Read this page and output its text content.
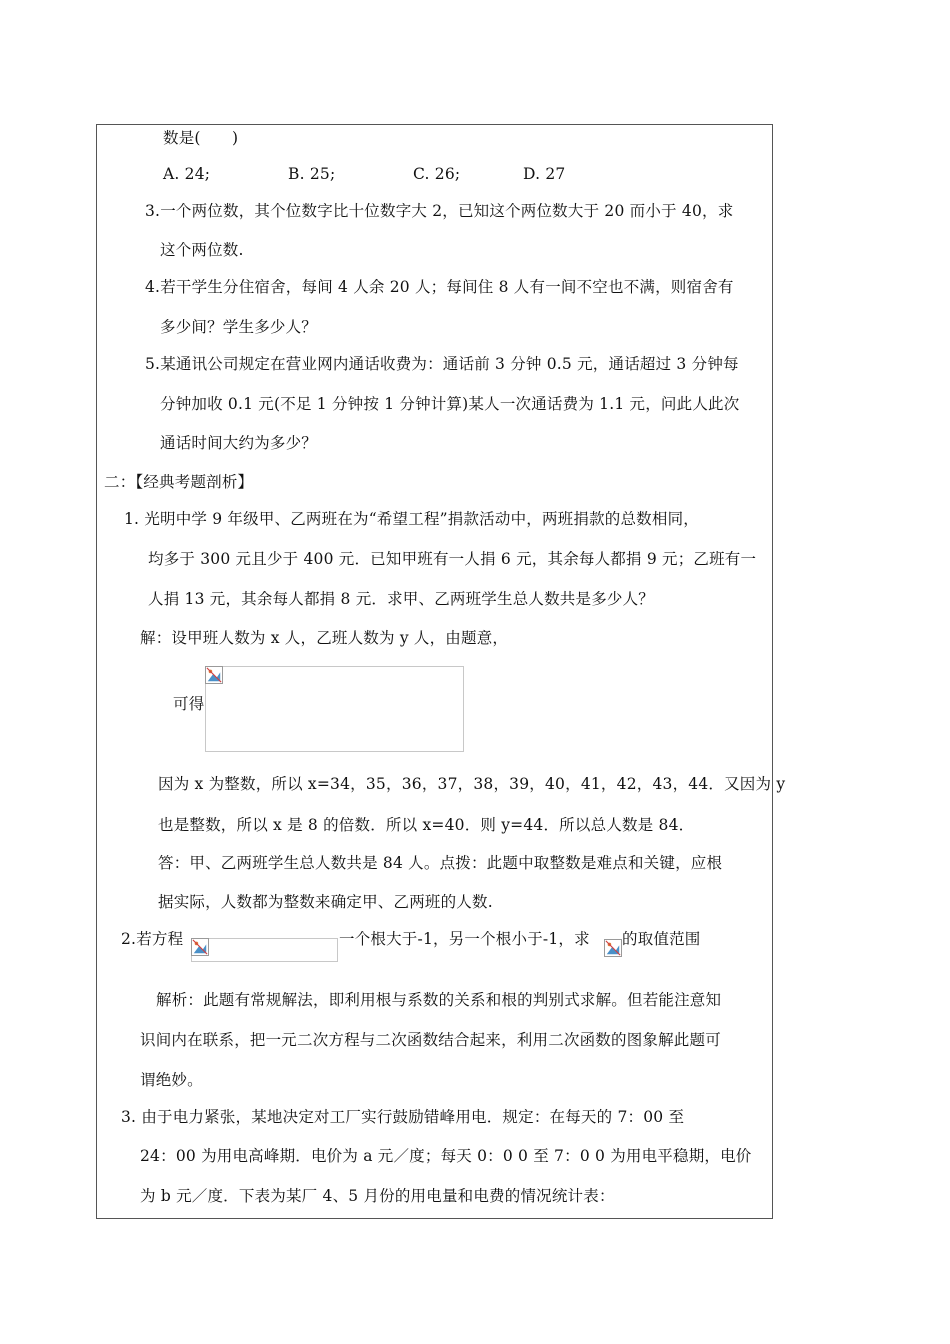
数是(　　)
A. 24;	B. 25;	C. 26;	D. 27
3.一个两位数，其个位数字比十位数字大 2，已知这个两位数大于 20 而小于 40，求
这个两位数.
4.若干学生分住宿舍，每间 4 人余 20 人；每间住 8 人有一间不空也不满，则宿舍有
多少间？学生多少人？
5.某通讯公司规定在营业网内通话收费为：通话前 3 分钟 0.5 元，通话超过 3 分钟每
分钟加收 0.1 元(不足 1 分钟按 1 分钟计算)某人一次通话费为 1.1 元，问此人此次
通话时间大约为多少？
二：【经典考题剖析】
1. 光明中学 9 年级甲、乙两班在为“希望工程”捐款活动中，两班捐款的总数相同，
均多于 300 元且少于 400 元．已知甲班有一人捐 6 元，其余每人都捐 9 元；乙班有一
人捐 13 元，其余每人都捐 8 元．求甲、乙两班学生总人数共是多少人？
解：设甲班人数为 x 人，乙班人数为 y 人，由题意，
可得
因为 x 为整数，所以 x=34，35，36，37，38，39，40，41，42，43，44．又因为 y
也是整数，所以 x 是 8 的倍数．所以 x=40．则 y=44．所以总人数是 84．
答：甲、乙两班学生总人数共是 84 人。点拨：此题中取整数是难点和关键，应根
据实际，人数都为整数来确定甲、乙两班的人数.
2.若方程	一个根大于-1，另一个根小于-1，求 的取值范围
解析：此题有常规解法，即利用根与系数的关系和根的判别式求解。但若能注意知
识间内在联系，把一元二次方程与二次函数结合起来，利用二次函数的图象解此题可
谓绝妙。
3. 由于电力紧张，某地决定对工厂实行鼓励错峰用电．规定：在每天的 7：00 至
24：00 为用电高峰期．电价为 a 元／度；每天 0：0 0 至 7：0 0 为用电平稳期，电价
为 b 元／度．下表为某厂 4、5 月份的用电量和电费的情况统计表：
